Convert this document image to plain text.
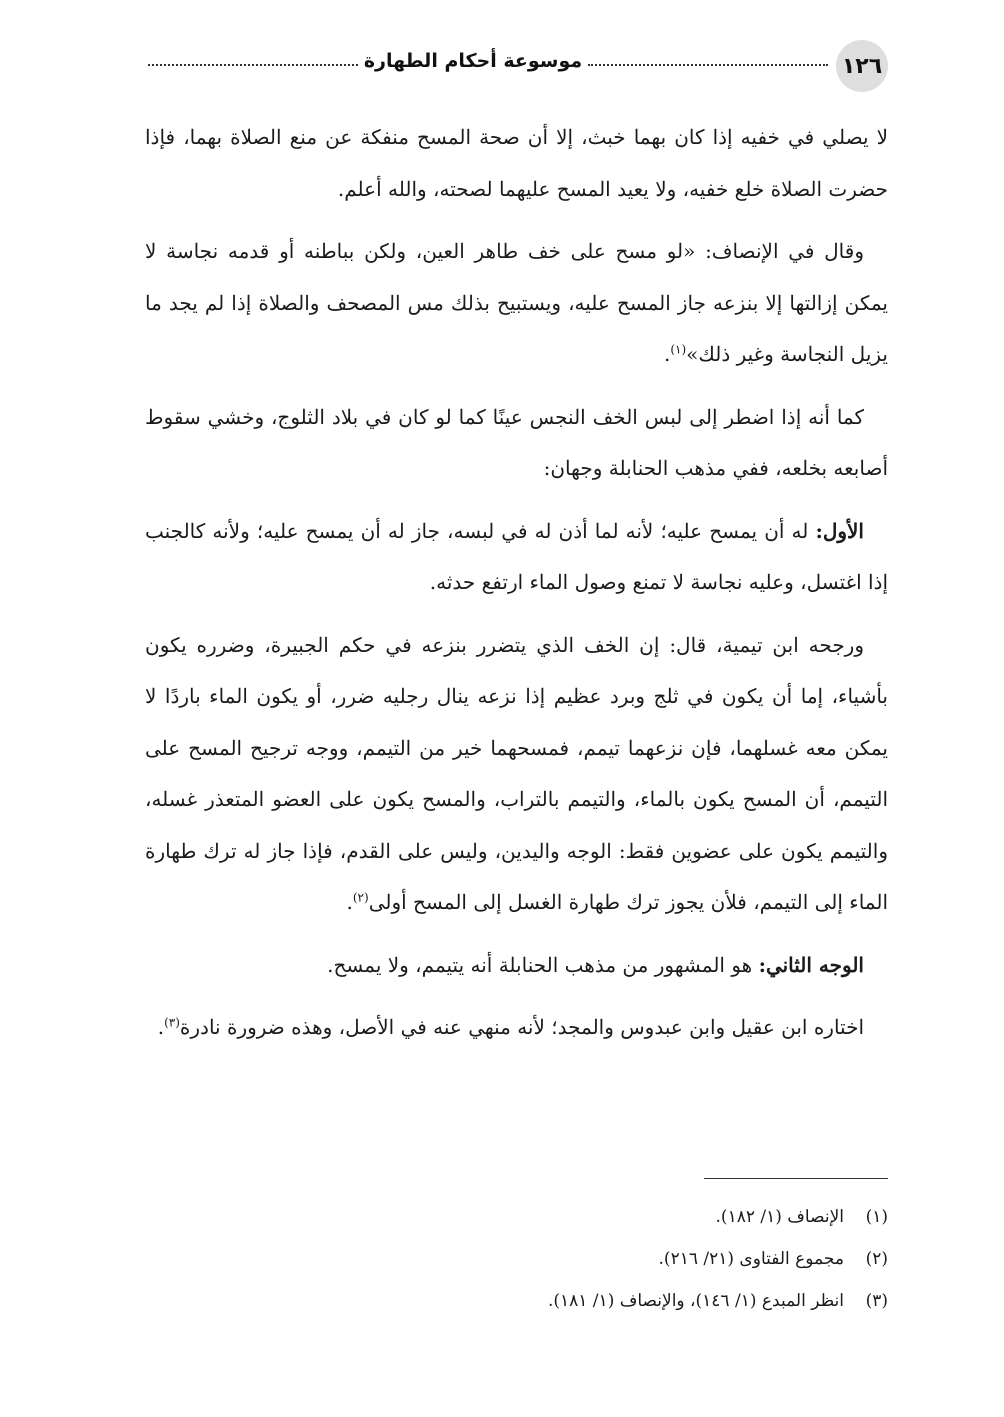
١٢٦
موسوعة أحكام الطهارة

لا يصلي في خفيه إذا كان بهما خبث، إلا أن صحة المسح منفكة عن منع الصلاة بهما، فإذا حضرت الصلاة خلع خفيه، ولا يعيد المسح عليهما لصحته، والله أعلم.

وقال في الإنصاف: «لو مسح على خف طاهر العين، ولكن بباطنه أو قدمه نجاسة لا يمكن إزالتها إلا بنزعه جاز المسح عليه، ويستبيح بذلك مس المصحف والصلاة إذا لم يجد ما يزيل النجاسة وغير ذلك»$^{(١)}$.

كما أنه إذا اضطر إلى لبس الخف النجس عينًا كما لو كان في بلاد الثلوج، وخشي سقوط أصابعه بخلعه، ففي مذهب الحنابلة وجهان:

الأول: له أن يمسح عليه؛ لأنه لما أذن له في لبسه، جاز له أن يمسح عليه؛ ولأنه كالجنب إذا اغتسل، وعليه نجاسة لا تمنع وصول الماء ارتفع حدثه.

ورجحه ابن تيمية، قال: إن الخف الذي يتضرر بنزعه في حكم الجبيرة، وضرره يكون بأشياء، إما أن يكون في ثلج وبرد عظيم إذا نزعه ينال رجليه ضرر، أو يكون الماء باردًا لا يمكن معه غسلهما، فإن نزعهما تيمم، فمسحهما خير من التيمم، ووجه ترجيح المسح على التيمم، أن المسح يكون بالماء، والتيمم بالتراب، والمسح يكون على العضو المتعذر غسله، والتيمم يكون على عضوين فقط: الوجه واليدين، وليس على القدم، فإذا جاز له ترك طهارة الماء إلى التيمم، فلأن يجوز ترك طهارة الغسل إلى المسح أولى$^{(٢)}$.

الوجه الثاني: هو المشهور من مذهب الحنابلة أنه يتيمم، ولا يمسح.

اختاره ابن عقيل وابن عبدوس والمجد؛ لأنه منهي عنه في الأصل، وهذه ضرورة نادرة$^{(٣)}$.

(١)
الإنصاف (١/ ١٨٢).
(٢)
مجموع الفتاوى (٢١/ ٢١٦).
(٣)
انظر المبدع (١/ ١٤٦)، والإنصاف (١/ ١٨١).
